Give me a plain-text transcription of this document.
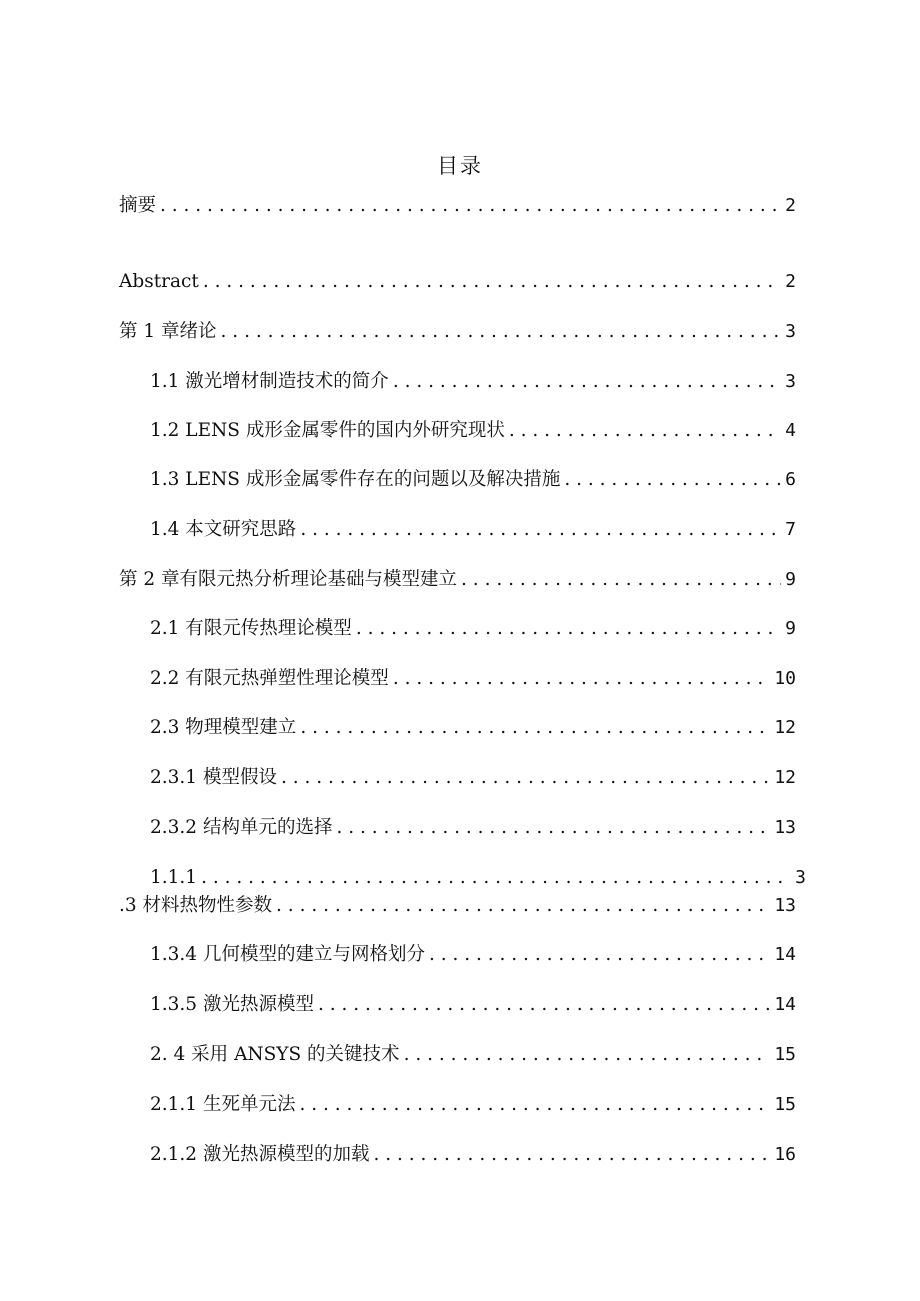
目录
摘要 . . .	2
Abstract . . .	2
第 1 章绪论 . . .	3
1.1 激光增材制造技术的简介 . . .	3
1.2 LENS 成形金属零件的国内外研究现状 . . .	4
1.3 LENS 成形金属零件存在的问题以及解决措施 . . .	6
1.4 本文研究思路 . . .	7
第 2 章有限元热分析理论基础与模型建立 . . .	9
2.1 有限元传热理论模型 . . .	9
2.2 有限元热弹塑性理论模型 . . .	10
2.3 物理模型建立 . . .	12
2.3.1 模型假设 . . .	12
2.3.2 结构单元的选择 . . .	13
1.1.1 . . .	3
.3 材料热物性参数 . . .	13
1.3.4 几何模型的建立与网格划分 . . .	14
1.3.5 激光热源模型 . . .	14
2. 4 采用 ANSYS 的关键技术 . . .	15
2.1.1 生死单元法 . . .	15
2.1.2 激光热源模型的加载 . . .	16
